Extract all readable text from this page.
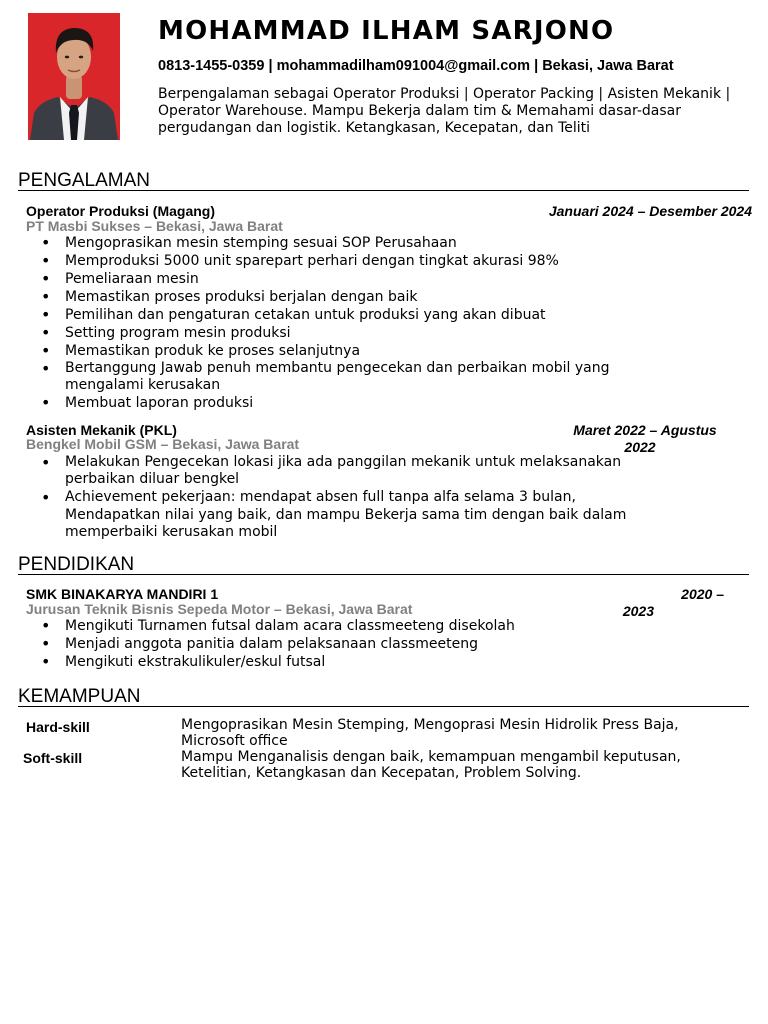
MOHAMMAD ILHAM SARJONO
0813-1455-0359 | mohammadilham091004@gmail.com | Bekasi, Jawa Barat
Berpengalaman sebagai Operator Produksi | Operator Packing | Asisten Mekanik | Operator Warehouse. Mampu Bekerja dalam tim & Memahami dasar-dasar pergudangan dan logistik. Ketangkasan, Kecepatan, dan Teliti
PENGALAMAN
Operator Produksi (Magang)	Januari 2024 – Desember 2024
PT Masbi Sukses – Bekasi, Jawa Barat
• Mengoprasikan mesin stemping sesuai SOP Perusahaan
• Memproduksi 5000 unit sparepart perhari dengan tingkat akurasi 98%
• Pemeliaraan mesin
• Memastikan proses produksi berjalan dengan baik
• Pemilihan dan pengaturan cetakan untuk produksi yang akan dibuat
• Setting program mesin produksi
• Memastikan produk ke proses selanjutnya
• Bertanggung Jawab penuh membantu pengecekan dan perbaikan mobil yang mengalami kerusakan
• Membuat laporan produksi
Asisten Mekanik (PKL)	Maret 2022 – Agustus
2022
Bengkel Mobil GSM – Bekasi, Jawa Barat
• Melakukan Pengecekan lokasi jika ada panggilan mekanik untuk melaksanakan perbaikan diluar bengkel
• Achievement pekerjaan: mendapat absen full tanpa alfa selama 3 bulan, Mendapatkan nilai yang baik, dan mampu Bekerja sama tim dengan baik dalam memperbaiki kerusakan mobil
PENDIDIKAN
SMK BINAKARYA MANDIRI 1	2020 –
2023
Jurusan Teknik Bisnis Sepeda Motor – Bekasi, Jawa Barat
• Mengikuti Turnamen futsal dalam acara classmeeteng disekolah
• Menjadi anggota panitia dalam pelaksanaan classmeeteng
• Mengikuti ekstrakulikuler/eskul futsal
KEMAMPUAN
Hard-skill	Mengoprasikan Mesin Stemping, Mengoprasi Mesin Hidrolik Press Baja, Microsoft office
Soft-skill	Mampu Menganalisis dengan baik, kemampuan mengambil keputusan, Ketelitian, Ketangkasan dan Kecepatan, Problem Solving.
